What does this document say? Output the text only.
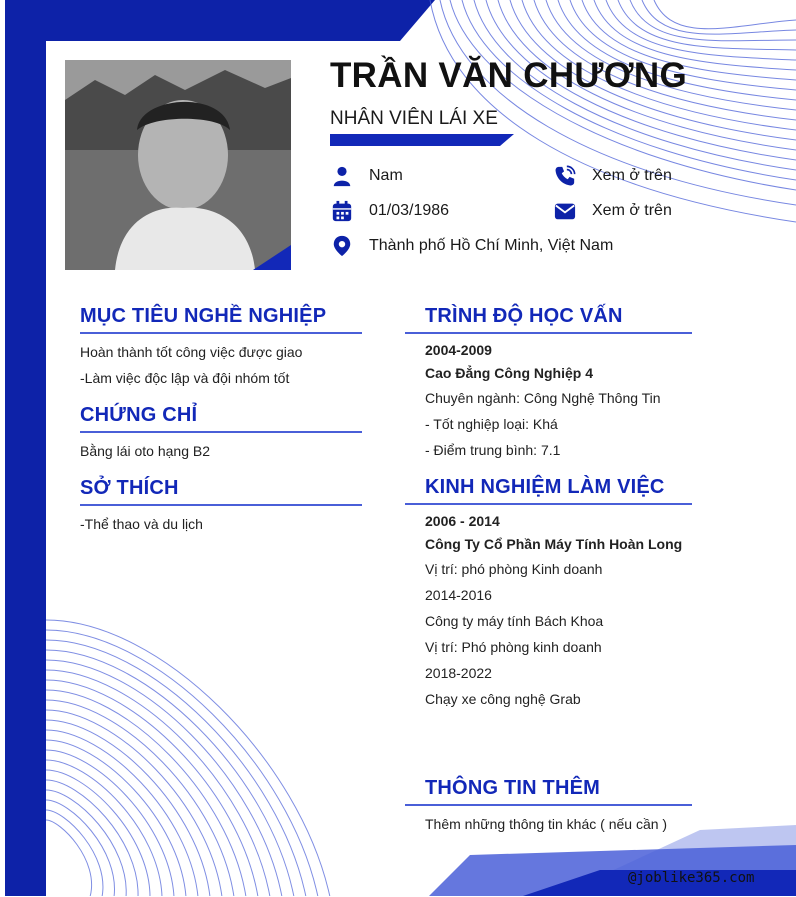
TRẦN VĂN CHƯƠNG
NHÂN VIÊN LÁI XE
Nam
01/03/1986
Thành phố Hồ Chí Minh, Việt Nam
Xem ở trên
Xem ở trên
MỤC TIÊU NGHỀ NGHIỆP
Hoàn thành tốt công việc được giao
-Làm việc độc lập và đội nhóm tốt
CHỨNG CHỈ
Bằng lái oto hạng B2
SỞ THÍCH
-Thể thao và du lịch
TRÌNH ĐỘ HỌC VẤN
2004-2009
Cao Đẳng Công Nghiệp 4
Chuyên ngành: Công Nghệ Thông Tin
- Tốt nghiệp loại: Khá
- Điểm trung bình: 7.1
KINH NGHIỆM LÀM VIỆC
2006 - 2014
Công Ty Cổ Phần Máy Tính Hoàn Long
Vị trí: phó phòng Kinh doanh
2014-2016
Công ty máy tính Bách Khoa
Vị trí: Phó phòng kinh doanh
2018-2022
Chạy xe công nghệ Grab
THÔNG TIN THÊM
Thêm những thông tin khác ( nếu cần )
@joblike365.com
